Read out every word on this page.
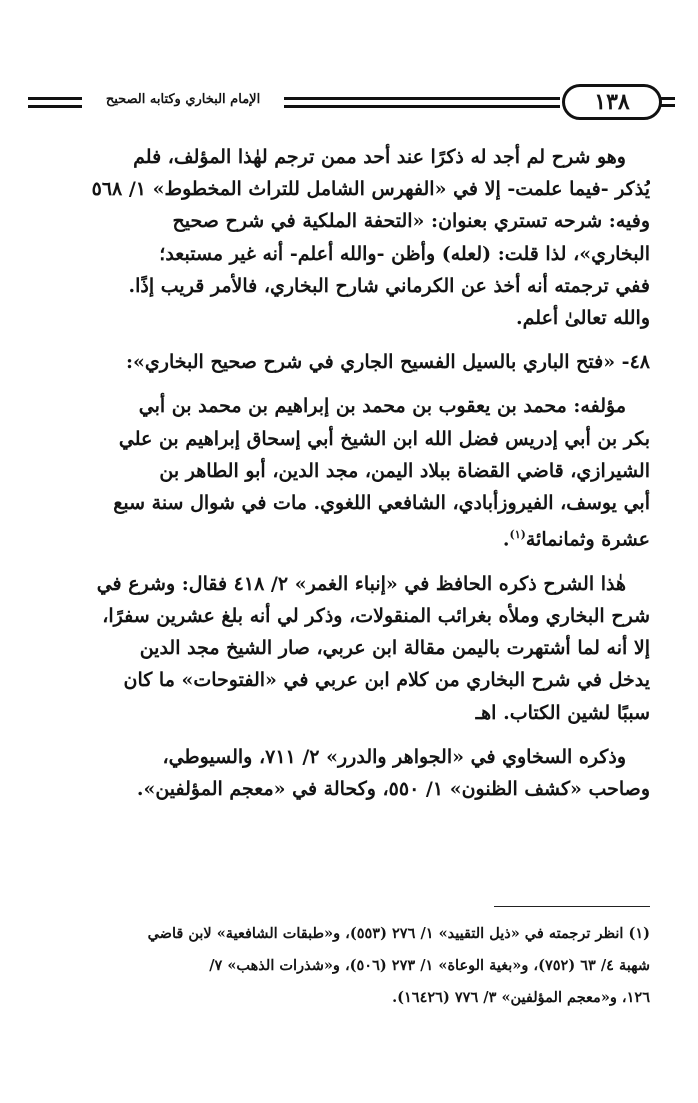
الإمام البخاري وكتابه الصحيح	١٣٨
وهو شرح لم أجد له ذكرًا عند أحد ممن ترجم لهٰذا المؤلف، فلم
يُذكر -فيما علمت- إلا في «الفهرس الشامل للتراث المخطوط» ١/ ٥٦٨
وفيه: شرحه تستري بعنوان: «التحفة الملكية في شرح صحيح
البخاري»، لذا قلت: (لعله) وأظن -والله أعلم- أنه غير مستبعد؛
ففي ترجمته أنه أخذ عن الكرماني شارح البخاري، فالأمر قريب إذًا.
والله تعالىٰ أعلم.
٤٨- «فتح الباري بالسيل الفسيح الجاري في شرح صحيح البخاري»:
مؤلفه: محمد بن يعقوب بن محمد بن إبراهيم بن محمد بن أبي
بكر بن أبي إدريس فضل الله ابن الشيخ أبي إسحاق إبراهيم بن علي
الشيرازي، قاضي القضاة ببلاد اليمن، مجد الدين، أبو الطاهر بن
أبي يوسف، الفيروزأبادي، الشافعي اللغوي. مات في شوال سنة سبع
عشرة وثمانمائة$^{(١)}$.
هٰذا الشرح ذكره الحافظ في «إنباء الغمر» ٢/ ٤١٨ فقال: وشرع في
شرح البخاري وملأه بغرائب المنقولات، وذكر لي أنه بلغ عشرين سفرًا،
إلا أنه لما أشتهرت باليمن مقالة ابن عربي، صار الشيخ مجد الدين
يدخل في شرح البخاري من كلام ابن عربي في «الفتوحات» ما كان
سببًا لشين الكتاب. اهـ
وذكره السخاوي في «الجواهر والدرر» ٢/ ٧١١، والسيوطي،
وصاحب «كشف الظنون» ١/ ٥٥٠، وكحالة في «معجم المؤلفين».
(١) انظر ترجمته في «ذيل التقييد» ١/ ٢٧٦ (٥٥٣)، و«طبقات الشافعية» لابن قاضي
شهبة ٤/ ٦٣ (٧٥٢)، و«بغية الوعاة» ١/ ٢٧٣ (٥٠٦)، و«شذرات الذهب» ٧/
١٢٦، و«معجم المؤلفين» ٣/ ٧٧٦ (١٦٤٢٦).
